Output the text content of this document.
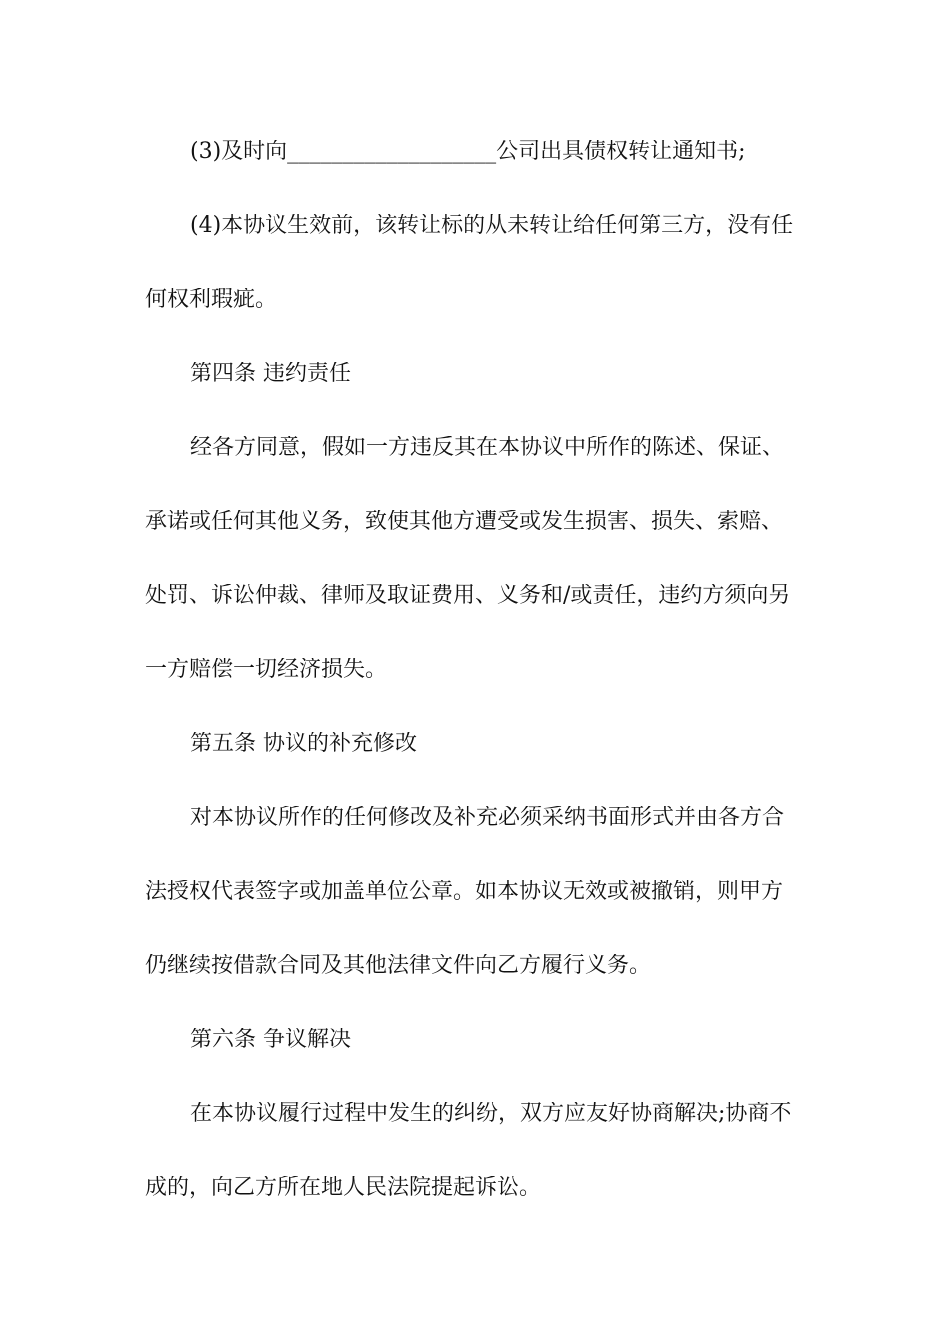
(3)及时向___________________公司出具债权转让通知书;
(4)本协议生效前，该转让标的从未转让给任何第三方，没有任
何权利瑕疵。
第四条 违约责任
经各方同意，假如一方违反其在本协议中所作的陈述、保证、
承诺或任何其他义务，致使其他方遭受或发生损害、损失、索赔、
处罚、诉讼仲裁、律师及取证费用、义务和/或责任，违约方须向另
一方赔偿一切经济损失。
第五条 协议的补充修改
对本协议所作的任何修改及补充必须采纳书面形式并由各方合
法授权代表签字或加盖单位公章。如本协议无效或被撤销，则甲方
仍继续按借款合同及其他法律文件向乙方履行义务。
第六条 争议解决
在本协议履行过程中发生的纠纷，双方应友好协商解决;协商不
成的，向乙方所在地人民法院提起诉讼。
